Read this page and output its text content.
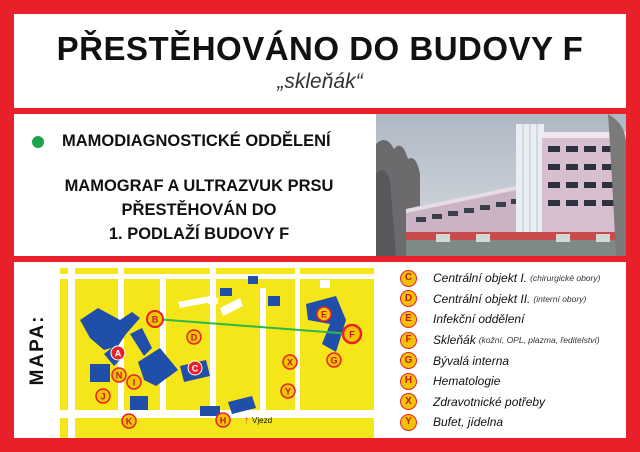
PŘESTĚHOVÁNO DO BUDOVY F
„skleňák“
MAMODIAGNOSTICKÉ ODDĚLENÍ
MAMOGRAF A ULTRAZVUK PRSU
PŘESTĚHOVÁN DO
1. PODLAŽÍ BUDOVY F
MAPA:	A
B
C
D
E
F
G
H
I
J
K
N
X
Y
↑ Vjezd
C	Centrální objekt I. (chirurgické obory)
D	Centrální objekt II. (interní obory)
E	Infekční oddělení
F	Skleňák (kožní, OPL, plazma, ředitelství)
G	Bývalá interna
H	Hematologie
X	Zdravotnické potřeby
Y	Bufet, jídelna
